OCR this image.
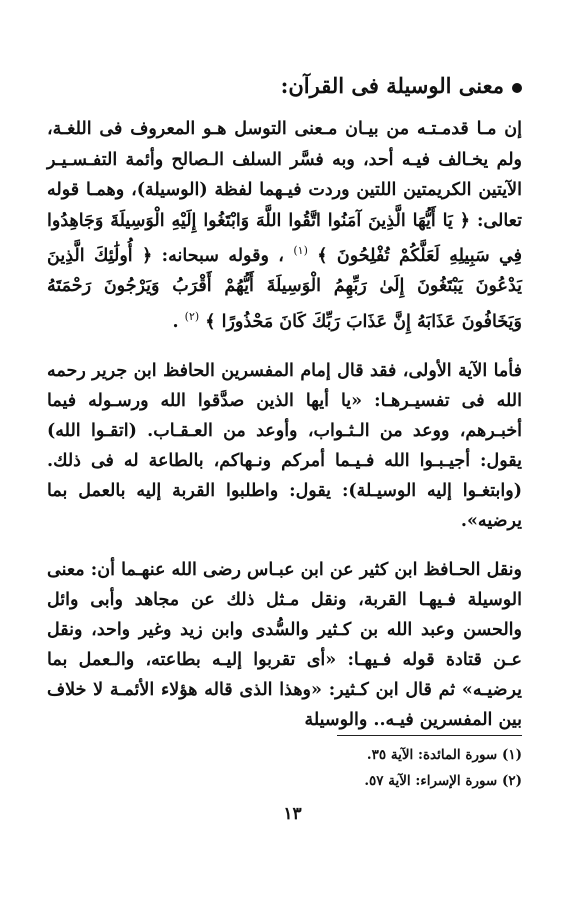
معنى الوسيلة فى القرآن:

إن مـا قدمـتـه من بيـان مـعنى التوسل هـو المعروف فى اللغـة، ولم يخـالف فيـه أحد، وبه فسَّر السلف الـصالح وأئمة التفـسـيـر الآيتين الكريمتين اللتين وردت فيـهما لفظة (الوسيلة)، وهمـا قوله تعالى: ﴿ يَا أَيُّهَا الَّذِينَ آمَنُوا اتَّقُوا اللَّهَ وَابْتَغُوا إِلَيْهِ الْوَسِيلَةَ وَجَاهِدُوا فِي سَبِيلِهِ لَعَلَّكُمْ تُفْلِحُونَ ﴾ $^{(١)}$ ، وقوله سبحانه: ﴿ أُولَٰئِكَ الَّذِينَ يَدْعُونَ يَبْتَغُونَ إِلَىٰ رَبِّهِمُ الْوَسِيلَةَ أَيُّهُمْ أَقْرَبُ وَيَرْجُونَ رَحْمَتَهُ وَيَخَافُونَ عَذَابَهُ إِنَّ عَذَابَ رَبِّكَ كَانَ مَحْذُورًا ﴾ $^{(٢)}$ .

فأما الآية الأولى، فقد قال إمام المفسرين الحافظ ابن جرير رحمه الله فى تفسيـرهـا: «يا أيها الذين صدَّقوا الله ورسـوله فيما أخبـرهم، ووعد من الـثـواب، وأوعد من العـقـاب. (اتقـوا الله) يقول: أجيـبـوا الله فـيـما أمركم ونـهاكم، بالطاعة له فى ذلك. (وابتغـوا إليه الوسيـلة): يقول: واطلبوا القربة إليه بالعمل بما يرضيه».

ونقل الحـافظ ابن كثير عن ابن عبـاس رضى الله عنهـما أن: معنى الوسيلة فـيهـا القربة، ونقل مـثل ذلك عن مجاهد وأبى وائل والحسن وعبد الله بن كـثير والسُّدى وابن زيد وغير واحد، ونقل عـن قتادة قوله فـيهـا: «أى تقربوا إليـه بطاعته، والـعمل بما يرضيـه» ثم قال ابن كـثير: «وهذا الذى قاله هؤلاء الأئمـة لا خلاف بين المفسرين فيـه.. والوسيلة

(١) سورة المائدة: الآية ٣٥.
(٢) سورة الإسراء: الآية ٥٧.
١٣
